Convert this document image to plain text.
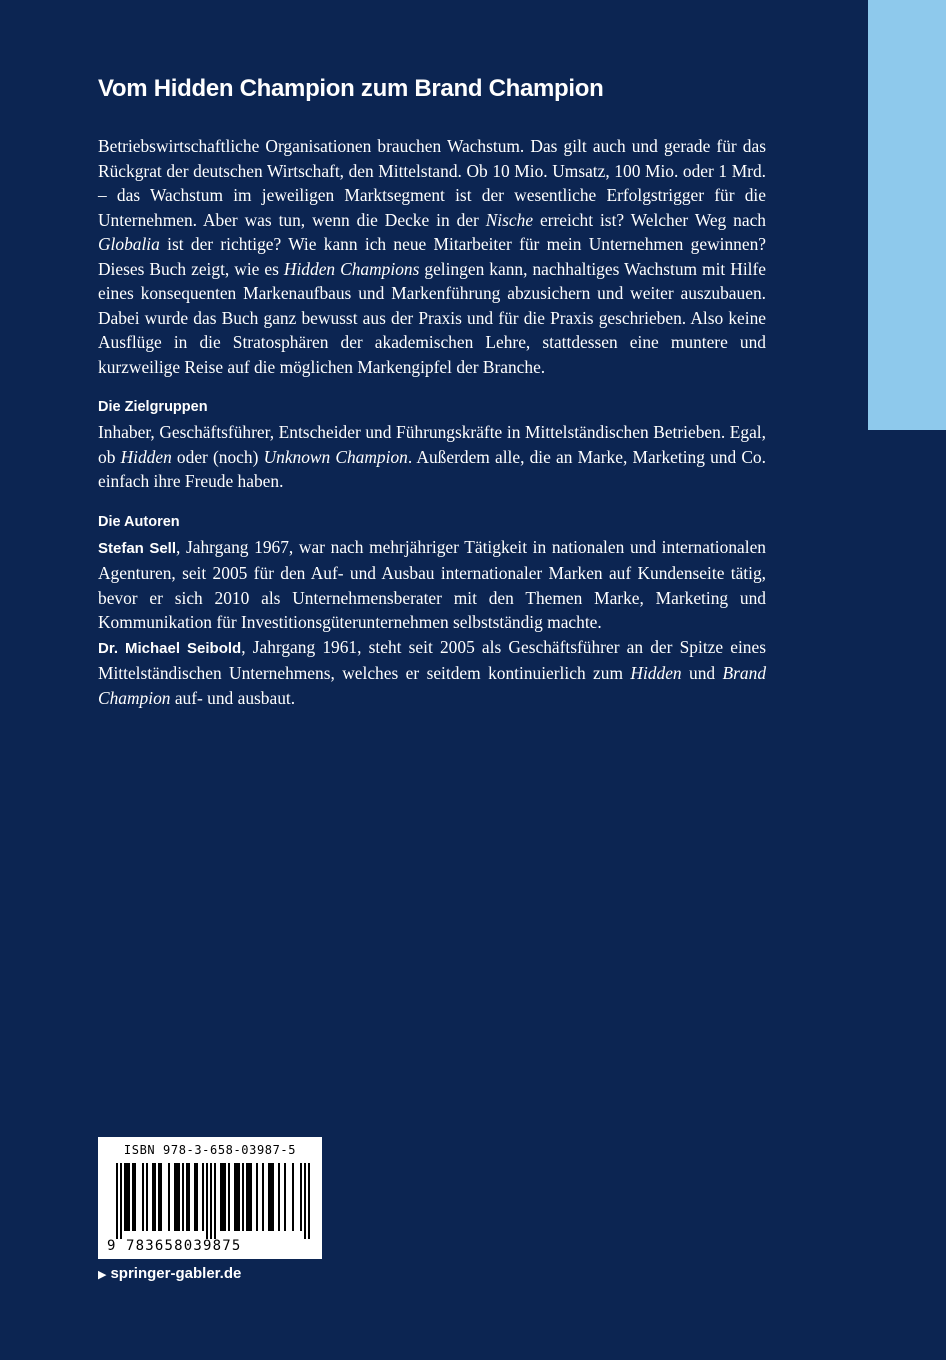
Vom Hidden Champion zum Brand Champion

Betriebswirtschaftliche Organisationen brauchen Wachstum. Das gilt auch und gerade für das Rückgrat der deutschen Wirtschaft, den Mittelstand. Ob 10 Mio. Umsatz, 100 Mio. oder 1 Mrd. – das Wachstum im jeweiligen Marktsegment ist der wesentliche Erfolgstrigger für die Unternehmen. Aber was tun, wenn die Decke in der Nische erreicht ist? Welcher Weg nach Globalia ist der richtige? Wie kann ich neue Mitarbeiter für mein Unternehmen gewinnen? Dieses Buch zeigt, wie es Hidden Champions gelingen kann, nachhaltiges Wachstum mit Hilfe eines konsequenten Markenaufbaus und Markenführung abzusichern und weiter auszubauen. Dabei wurde das Buch ganz bewusst aus der Praxis und für die Praxis geschrieben. Also keine Ausflüge in die Stratosphären der akademischen Lehre, stattdessen eine muntere und kurzweilige Reise auf die möglichen Markengipfel der Branche.

Die Zielgruppen

Inhaber, Geschäftsführer, Entscheider und Führungskräfte in Mittelständischen Betrieben. Egal, ob Hidden oder (noch) Unknown Champion. Außerdem alle, die an Marke, Marketing und Co. einfach ihre Freude haben.

Die Autoren

Stefan Sell, Jahrgang 1967, war nach mehrjähriger Tätigkeit in nationalen und internationalen Agenturen, seit 2005 für den Auf- und Ausbau internationaler Marken auf Kundenseite tätig, bevor er sich 2010 als Unternehmensberater mit den Themen Marke, Marketing und Kommunikation für Investitionsgüterunternehmen selbstständig machte.
Dr. Michael Seibold, Jahrgang 1961, steht seit 2005 als Geschäftsführer an der Spitze eines Mittelständischen Unternehmens, welches er seitdem kontinuierlich zum Hidden und Brand Champion auf- und ausbaut.

ISBN 978-3-658-03987-5
9 783658039875
▶ springer-gabler.de
